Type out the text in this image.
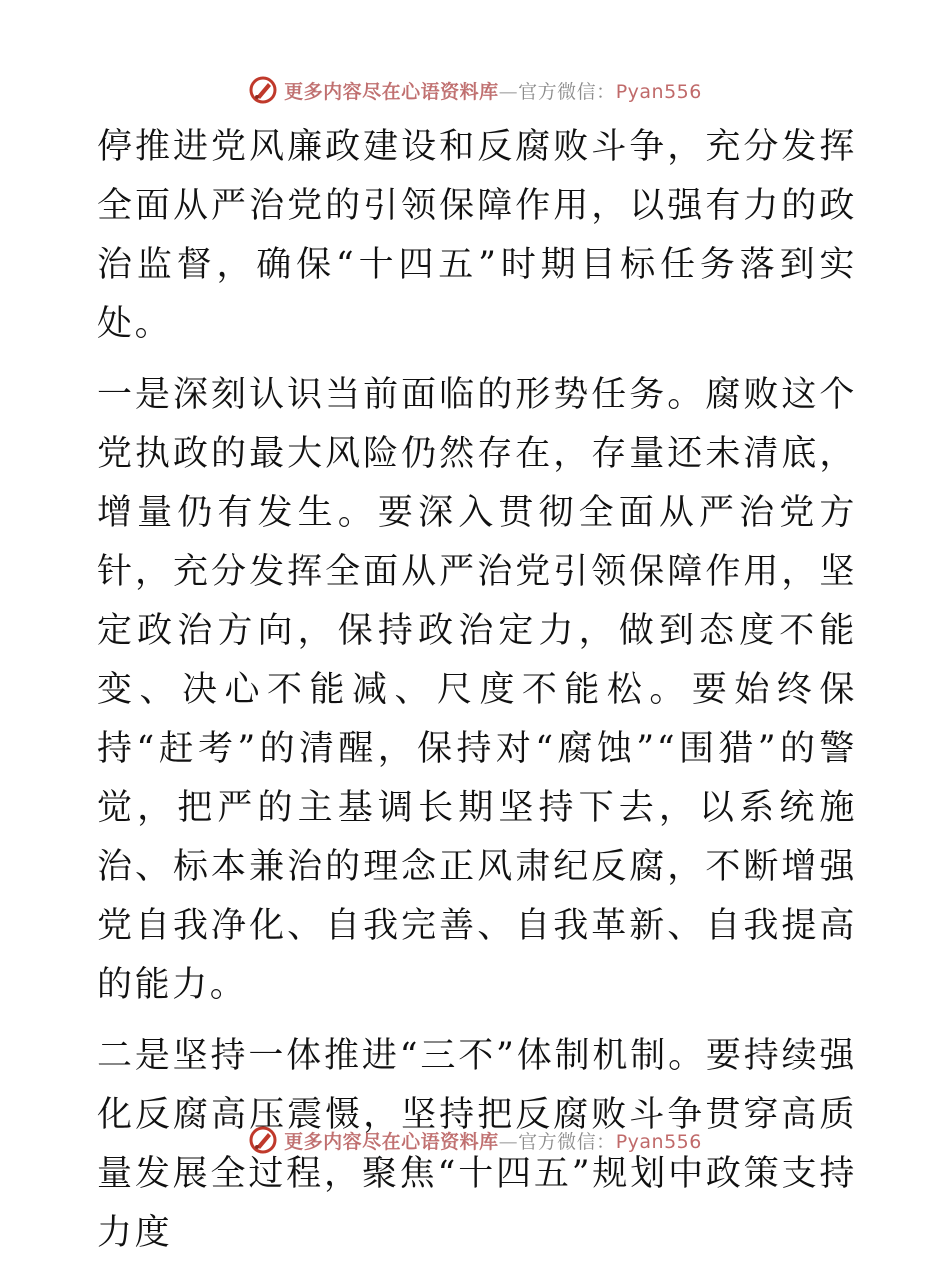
更多内容尽在心语资料库—官方微信：Pyan556

停推进党风廉政建设和反腐败斗争，充分发挥全面从严治党的引领保障作用，以强有力的政治监督，确保“十四五”时期目标任务落到实处。

一是深刻认识当前面临的形势任务。腐败这个党执政的最大风险仍然存在，存量还未清底，增量仍有发生。要深入贯彻全面从严治党方针，充分发挥全面从严治党引领保障作用，坚定政治方向，保持政治定力，做到态度不能变、决心不能减、尺度不能松。要始终保持“赶考”的清醒，保持对“腐蚀”“围猎”的警觉，把严的主基调长期坚持下去，以系统施治、标本兼治的理念正风肃纪反腐，不断增强党自我净化、自我完善、自我革新、自我提高的能力。

二是坚持一体推进“三不”体制机制。要持续强化反腐高压震慑，坚持把反腐败斗争贯穿高质量发展全过程，聚焦“十四五”规划中政策支持力度

更多内容尽在心语资料库—官方微信：Pyan556
